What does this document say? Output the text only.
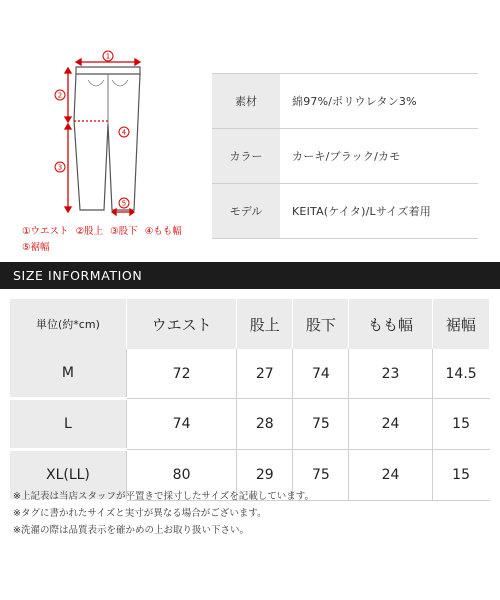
1
2
3
4
5
①ウエスト ②股上 ③股下 ④もも幅
⑤裾幅
素材	綿97%/ポリウレタン3%
カラー	カーキ/ブラック/カモ
モデル	KEITA(ケイタ)/Lサイズ着用
SIZE INFORMATION
単位(約*cm)	ウエスト	股上	股下	もも幅	裾幅
M	72	27	74	23	14.5
L	74	28	75	24	15
XL(LL)	80	29	75	24	15
※上記表は当店スタッフが平置きで採寸したサイズを記載しています。
※タグに書かれたサイズと実寸が異なる場合がございます。
※洗濯の際は品質表示を確かめの上お取り扱い下さい。
